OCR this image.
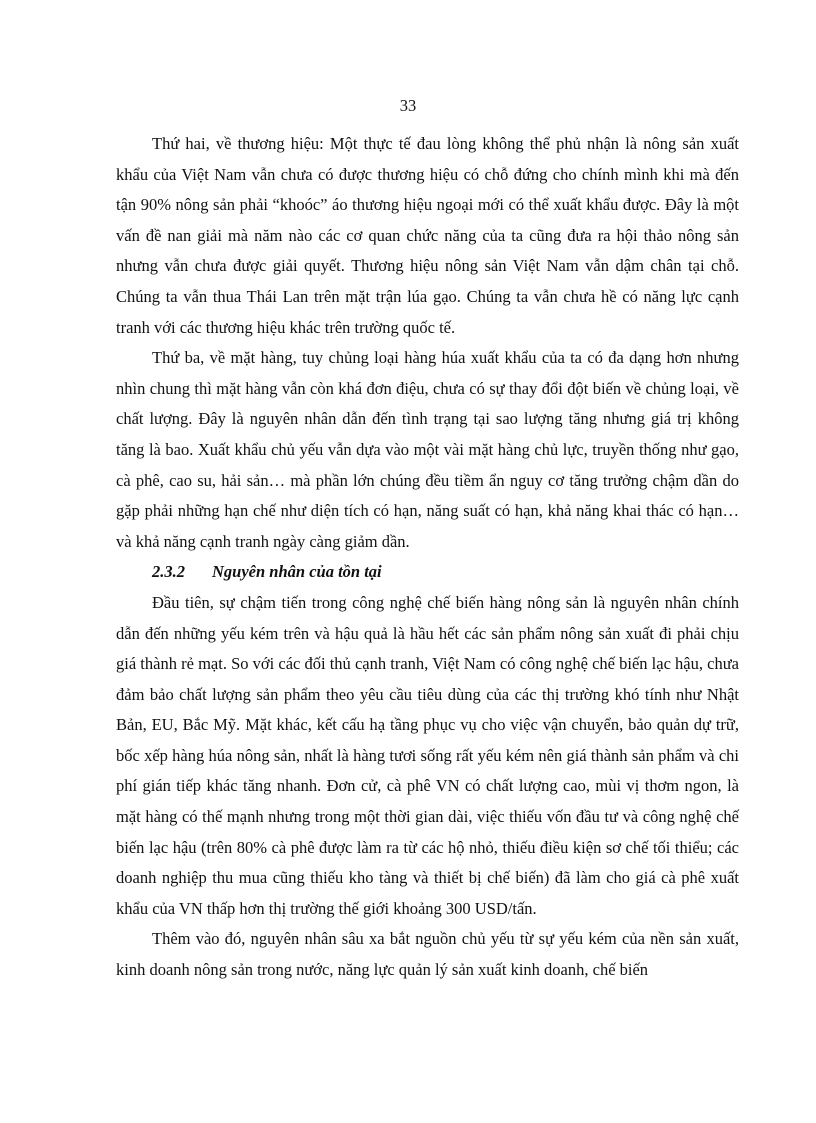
33

Thứ hai, về thương hiệu: Một thực tế đau lòng không thể phủ nhận là nông sản xuất khẩu của Việt Nam vẫn chưa có được thương hiệu có chỗ đứng cho chính mình khi mà đến tận 90% nông sản phải “khoóc” áo thương hiệu ngoại mới có thể xuất khẩu được. Đây là một vấn đề nan giải mà năm nào các cơ quan chức năng của ta cũng đưa ra hội thảo nông sản nhưng vẫn chưa được giải quyết. Thương hiệu nông sản Việt Nam vẫn dậm chân tại chỗ. Chúng ta vẫn thua Thái Lan trên mặt trận lúa gạo. Chúng ta vẫn chưa hề có năng lực cạnh tranh với các thương hiệu khác trên trường quốc tế.

Thứ ba, về mặt hàng, tuy chủng loại hàng húa xuất khẩu của ta có đa dạng hơn nhưng nhìn chung thì mặt hàng vẫn còn khá đơn điệu, chưa có sự thay đổi đột biến về chủng loại, về chất lượng. Đây là nguyên nhân dẫn đến tình trạng tại sao lượng tăng nhưng giá trị không tăng là bao. Xuất khẩu chủ yếu vẫn dựa vào một vài mặt hàng chủ lực, truyền thống như gạo, cà phê, cao su, hải sản… mà phần lớn chúng đều tiềm ẩn nguy cơ tăng trưởng chậm dần do gặp phải những hạn chế như diện tích có hạn, năng suất có hạn, khả năng khai thác có hạn… và khả năng cạnh tranh ngày càng giảm dần.

2.3.2 Nguyên nhân của tồn tại

Đầu tiên, sự chậm tiến trong công nghệ chế biến hàng nông sản là nguyên nhân chính dẫn đến những yếu kém trên và hậu quả là hầu hết các sản phẩm nông sản xuất đi phải chịu giá thành rẻ mạt. So với các đối thủ cạnh tranh, Việt Nam có công nghệ chế biến lạc hậu, chưa đảm bảo chất lượng sản phẩm theo yêu cầu tiêu dùng của các thị trường khó tính như Nhật Bản, EU, Bắc Mỹ. Mặt khác, kết cấu hạ tầng phục vụ cho việc vận chuyển, bảo quản dự trữ, bốc xếp hàng húa nông sản, nhất là hàng tươi sống rất yếu kém nên giá thành sản phẩm và chi phí gián tiếp khác tăng nhanh. Đơn cử, cà phê VN có chất lượng cao, mùi vị thơm ngon, là mặt hàng có thế mạnh nhưng trong một thời gian dài, việc thiếu vốn đầu tư và công nghệ chế biến lạc hậu (trên 80% cà phê được làm ra từ các hộ nhỏ, thiếu điều kiện sơ chế tối thiểu; các doanh nghiệp thu mua cũng thiếu kho tàng và thiết bị chế biến) đã làm cho giá cà phê xuất khẩu của VN thấp hơn thị trường thế giới khoảng 300 USD/tấn.

Thêm vào đó, nguyên nhân sâu xa bắt nguồn chủ yếu từ sự yếu kém của nền sản xuất, kinh doanh nông sản trong nước, năng lực quản lý sản xuất kinh doanh, chế biến
